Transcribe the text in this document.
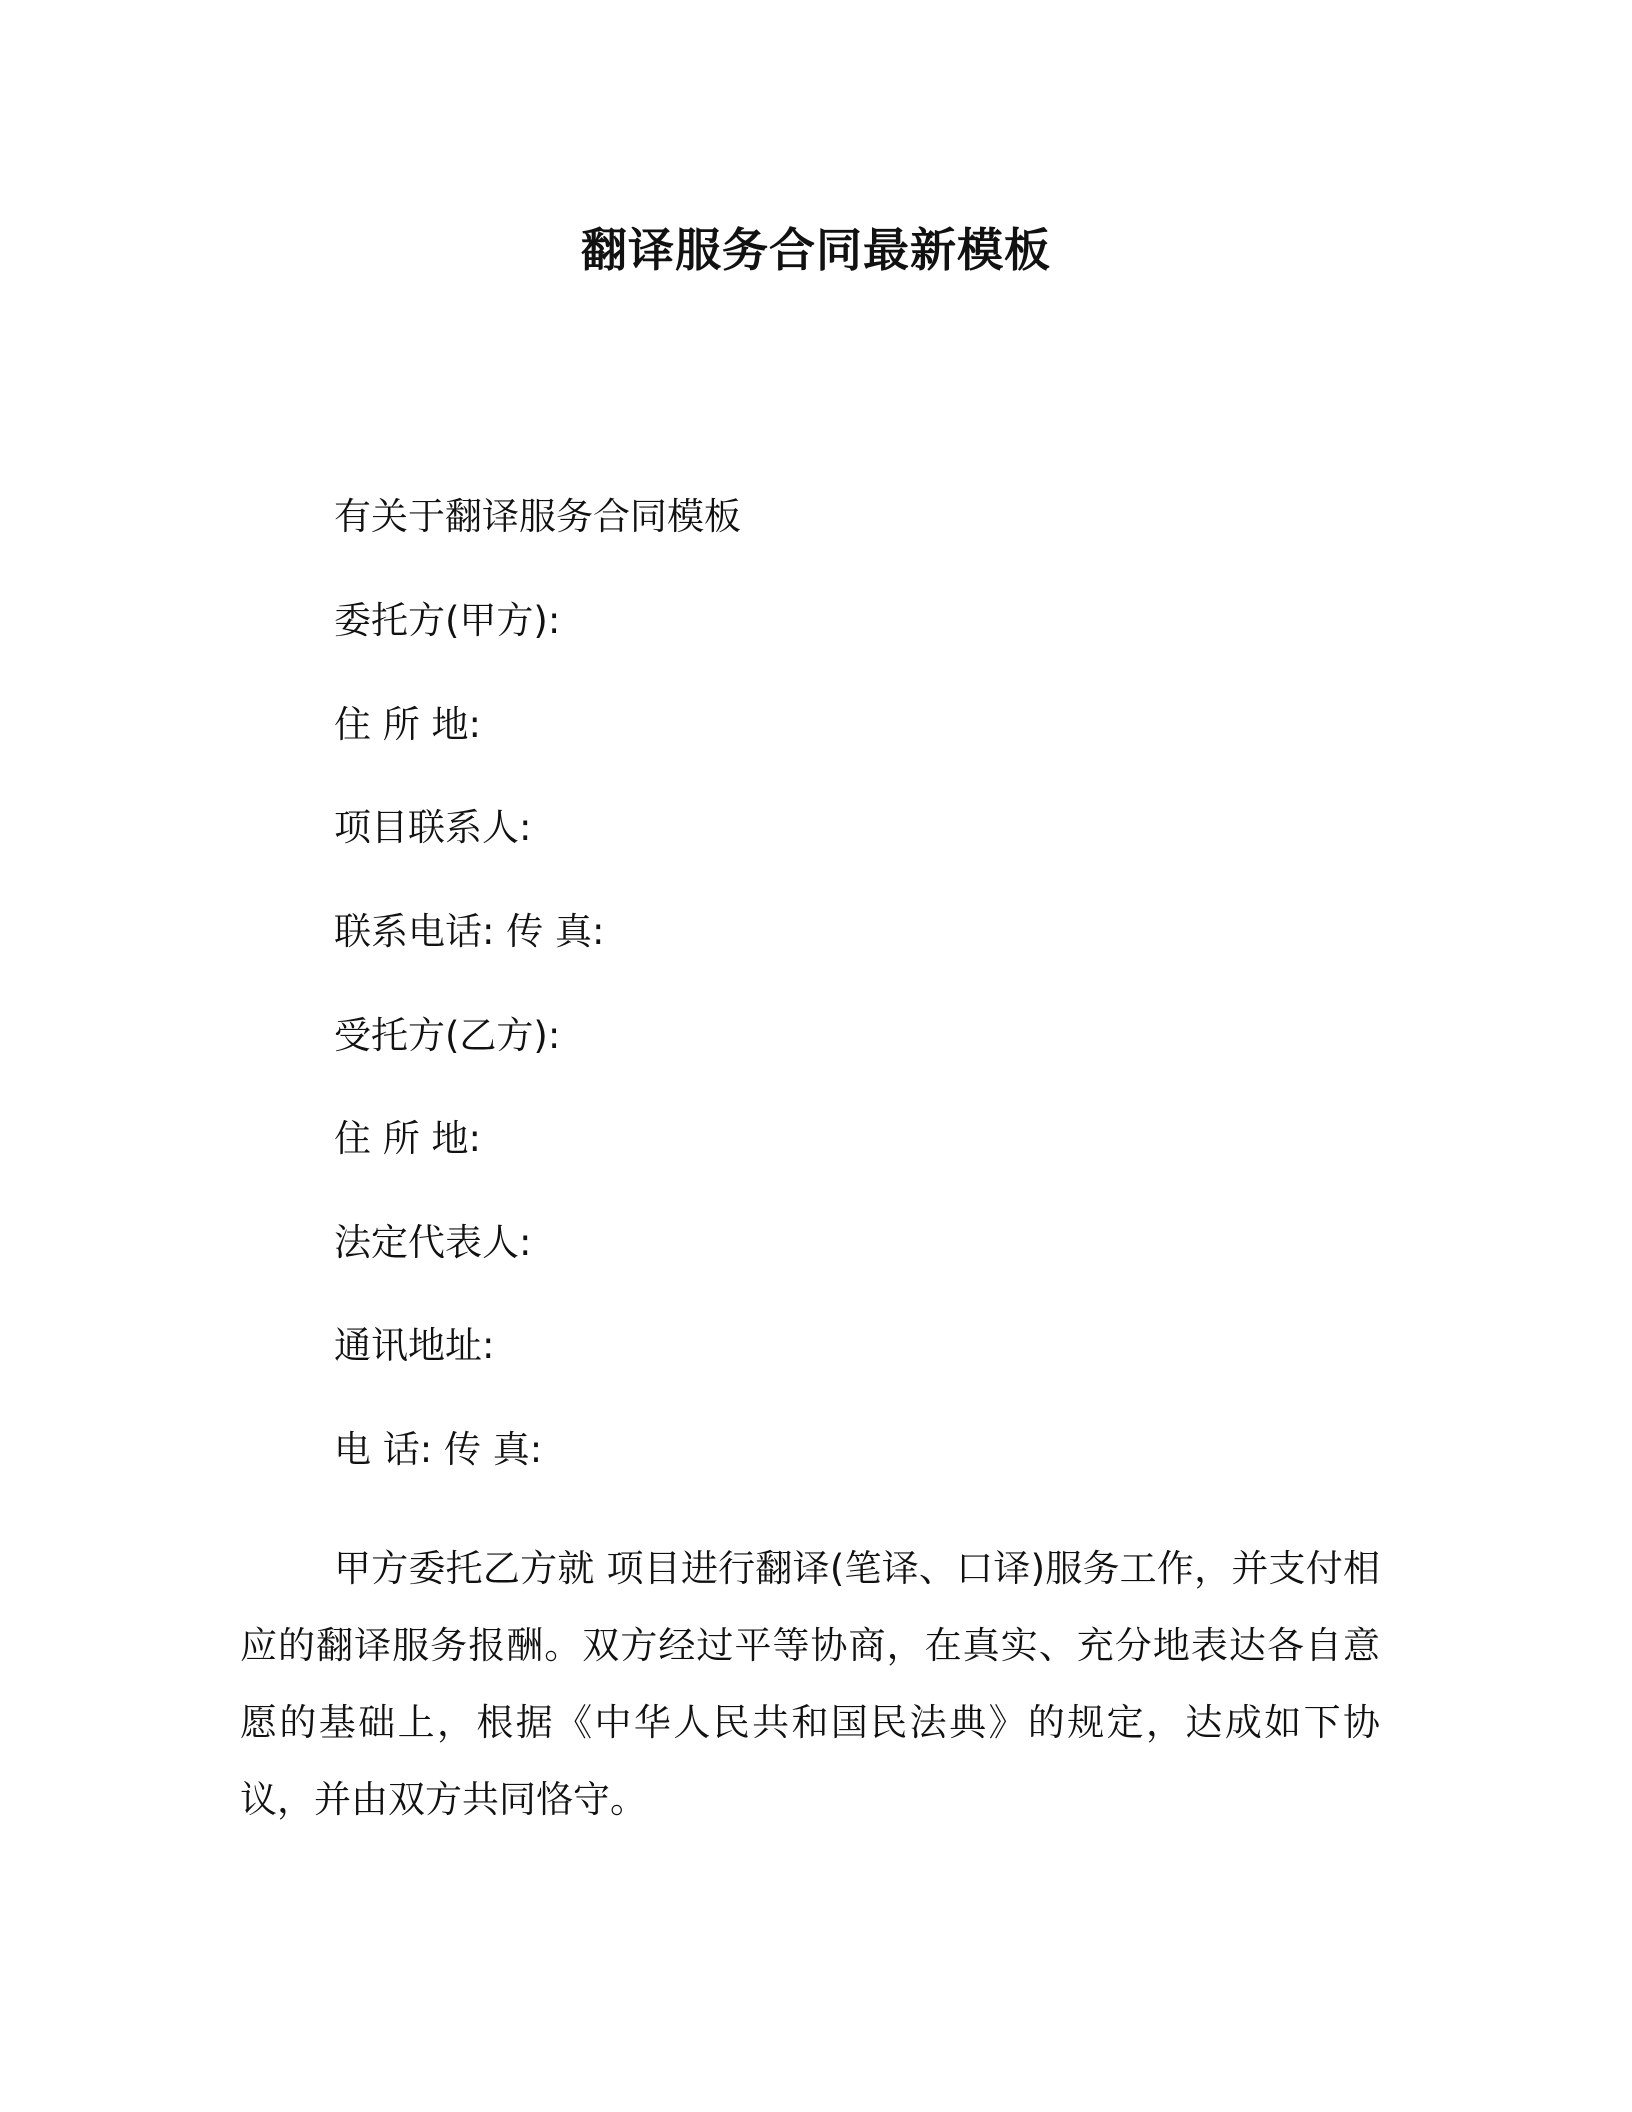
翻译服务合同最新模板
有关于翻译服务合同模板
委托方(甲方):
住 所 地:
项目联系人:
联系电话: 传 真:
受托方(乙方):
住 所 地:
法定代表人:
通讯地址:
电 话: 传 真:
甲方委托乙方就 项目进行翻译(笔译、口译)服务工作，并支付相应的翻译服务报酬。双方经过平等协商，在真实、充分地表达各自意愿的基础上，根据《中华人民共和国民法典》的规定，达成如下协议，并由双方共同恪守。
